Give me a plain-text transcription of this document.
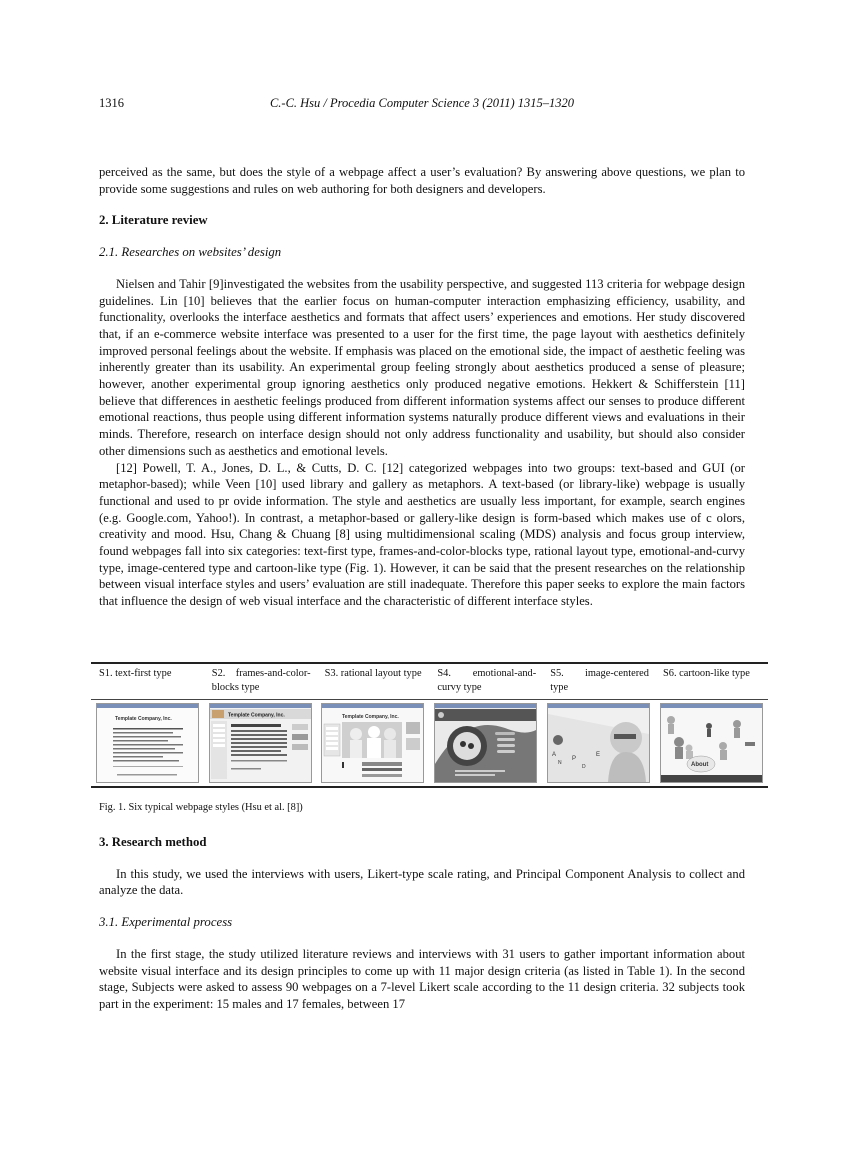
1316	C.-C. Hsu / Procedia Computer Science 3 (2011) 1315–1320

perceived as the same, but does the style of a webpage affect a user’s evaluation? By answering above questions, we plan to provide some suggestions and rules on web authoring for both designers and developers.

2. Literature review
2.1. Researches on websites’ design

Nielsen and Tahir [9]investigated the websites from the usability perspective, and suggested 113 criteria for webpage design guidelines. Lin [10] believes that the earlier focus on human-computer interaction emphasizing efficiency, usability, and functionality, overlooks the interface aesthetics and formats that affect users’ experiences and emotions. Her study discovered that, if an e-commerce website interface was presented to a user for the first time, the page layout with aesthetics definitely improved personal feelings about the website. If emphasis was placed on the emotional side, the impact of aesthetic feeling was inherently greater than its usability. An experimental group feeling strongly about aesthetics produced a sense of pleasure; however, another experimental group ignoring aesthetics only produced negative emotions. Hekkert & Schifferstein [11] believe that differences in aesthetic feelings produced from different information systems affect our senses to produce different emotional reactions, thus people using different information systems naturally produce different views and evaluations in their minds. Therefore, research on interface design should not only address functionality and usability, but should also consider other dimensions such as aesthetics and emotional levels.

[12] Powell, T. A., Jones, D. L., & Cutts, D. C. [12] categorized webpages into two groups: text-based and GUI (or metaphor-based); while Veen [10] used library and gallery as metaphors. A text-based (or library-like) webpage is usually functional and used to pr ovide information. The style and aesthetics are usually less important, for example, search engines (e.g. Google.com, Yahoo!). In contrast, a metaphor-based or gallery-like design is form-based which makes use of c olors, creativity and mood. Hsu, Chang & Chuang [8] using multidimensional scaling (MDS) analysis and focus group interview, found webpages fall into six categories: text-first type, frames-and-color-blocks type, rational layout type, emotional-and-curvy type, image-centered type and cartoon-like type (Fig. 1). However, it can be said that the present researches on the relationship between visual interface styles and users’ evaluation are still inadequate. Therefore this paper seeks to explore the main factors that influence the design of web visual interface and the characteristic of different interface styles.

S1. text-first type	S2. frames-and-color-blocks type
S3. rational layout type	S4. emotional-and-curvy type
S5. image-centered type
S6. cartoon-like type
Template Company, Inc.
Template Company, Inc.	Template Company, Inc.
A
N
P
D
E
About
Fig. 1. Six typical webpage styles (Hsu et al. [8])
3. Research method

In this study, we used the interviews with users, Likert-type scale rating, and Principal Component Analysis to collect and analyze the data.

3.1. Experimental process

In the first stage, the study utilized literature reviews and interviews with 31 users to gather important information about website visual interface and its design principles to come up with 11 major design criteria (as listed in Table 1). In the second stage, Subjects were asked to assess 90 webpages on a 7-level Likert scale according to the 11 design criteria. 32 subjects took part in the experiment: 15 males and 17 females, between 17
